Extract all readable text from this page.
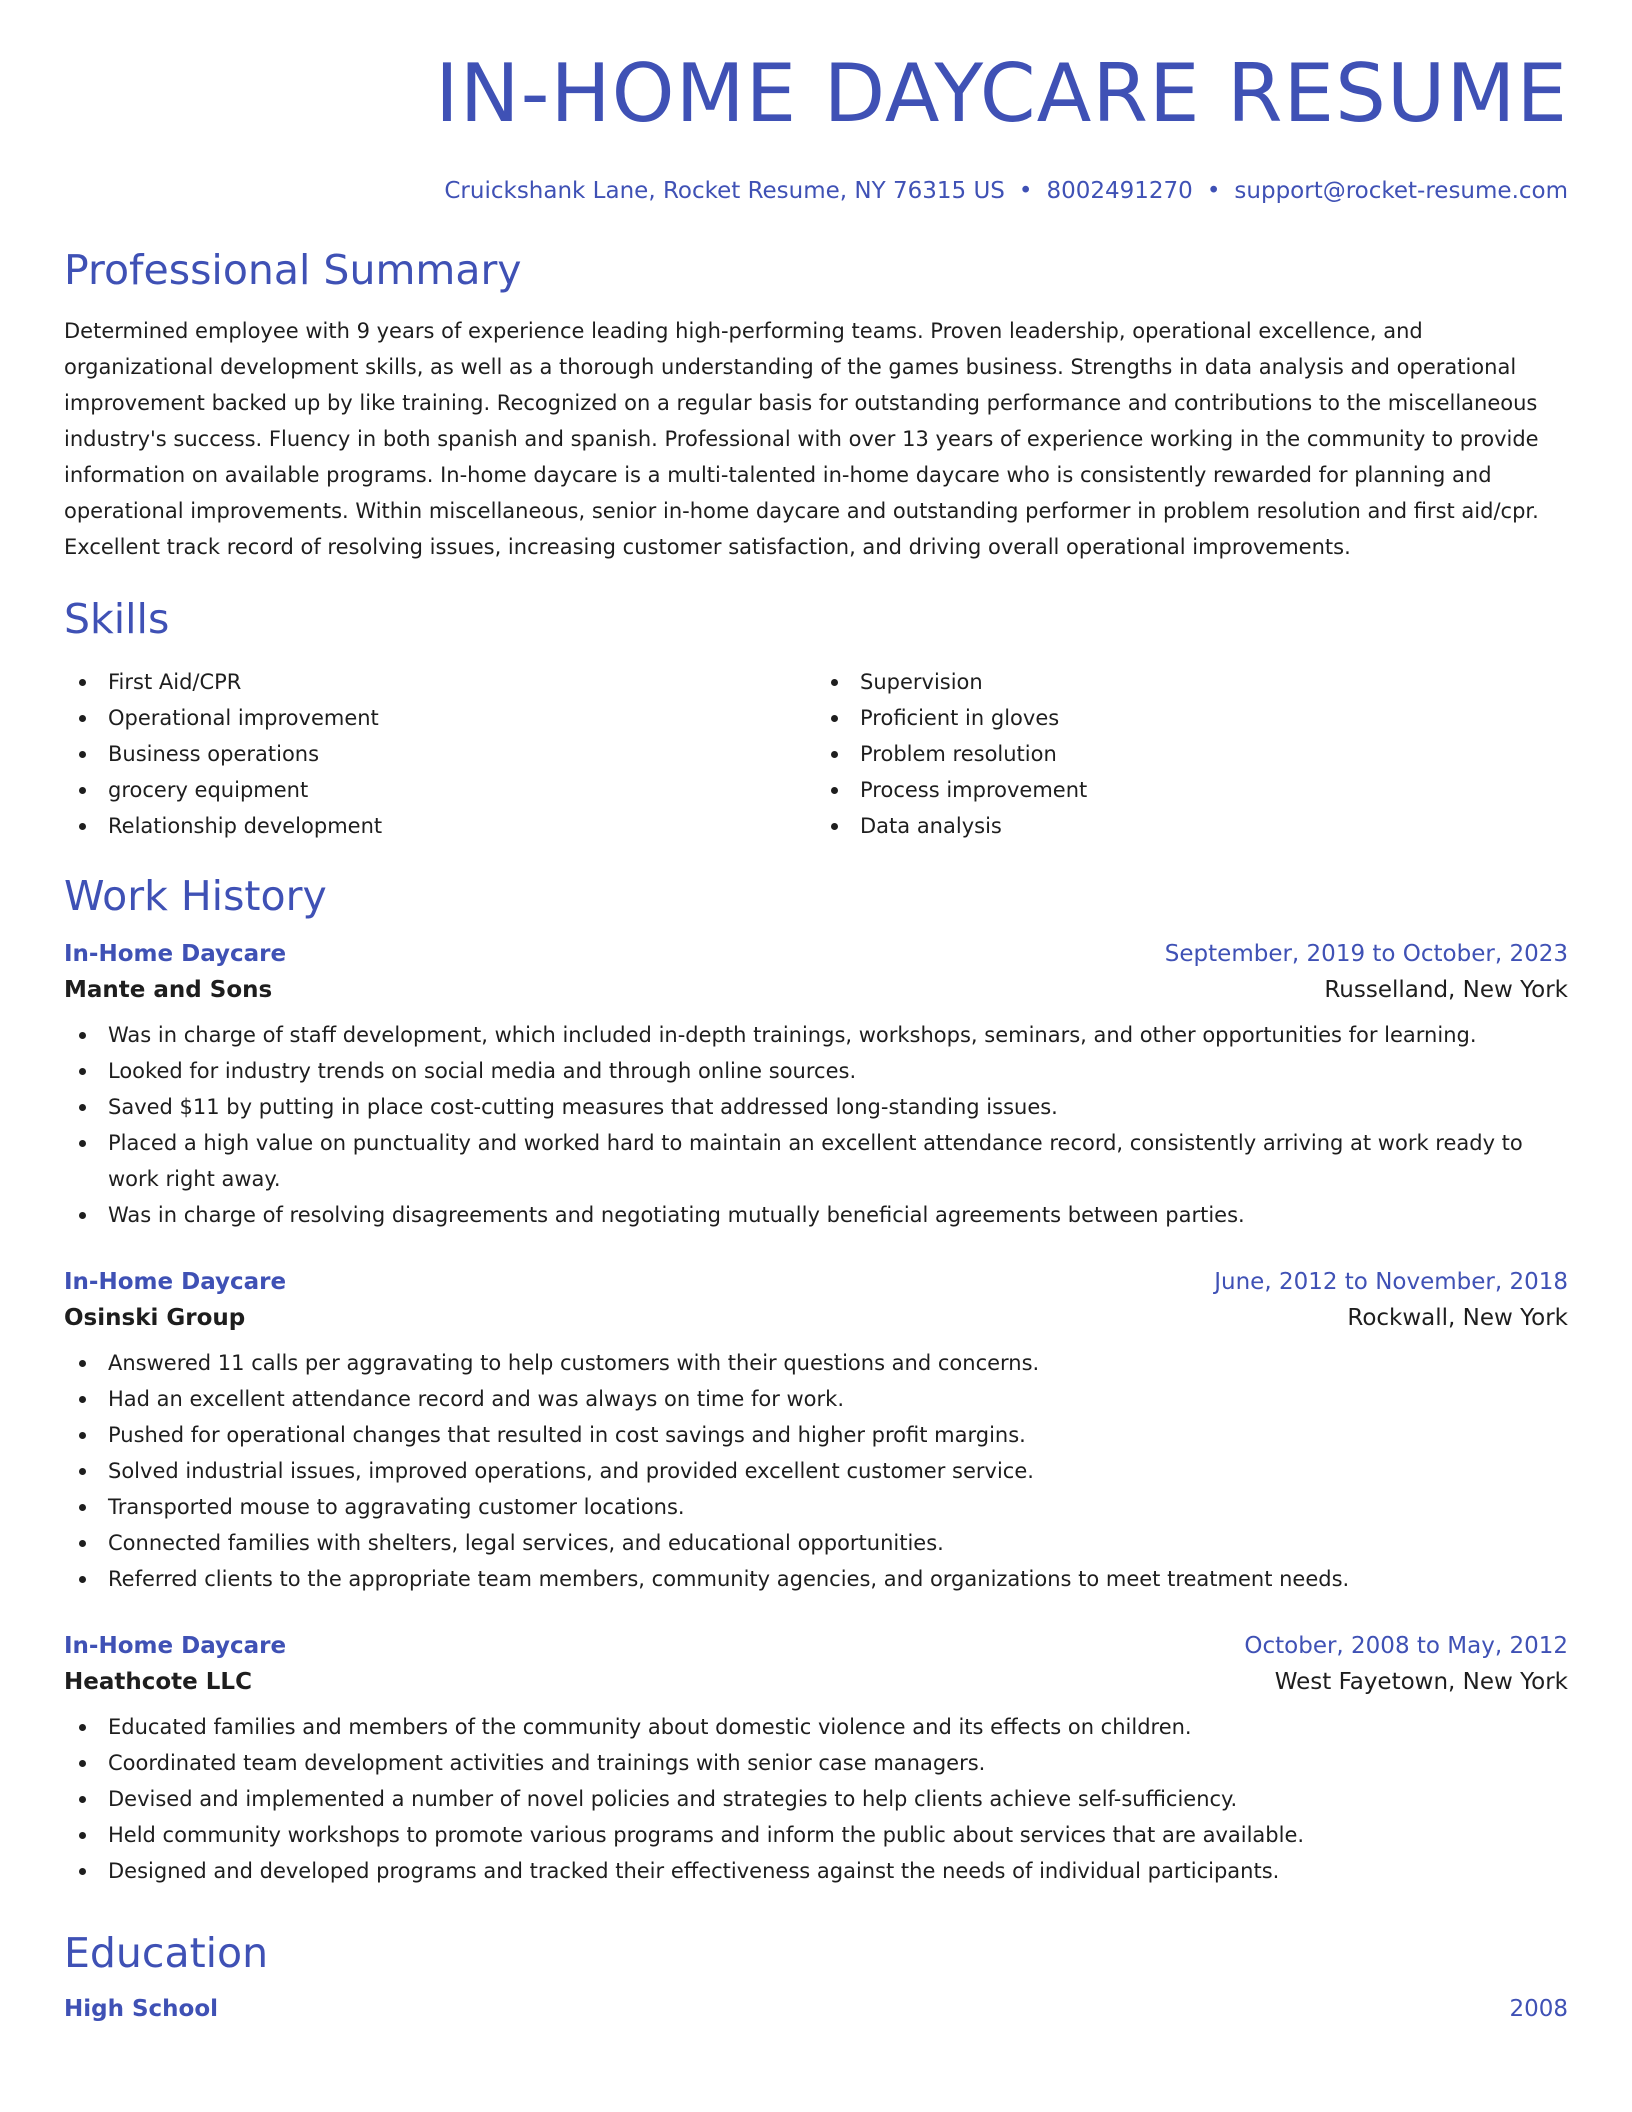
IN-HOME DAYCARE RESUME
Cruickshank Lane, Rocket Resume, NY 76315 US • 8002491270 • support@rocket-resume.com
Professional Summary

Determined employee with 9 years of experience leading high-performing teams. Proven leadership, operational excellence, and organizational development skills, as well as a thorough understanding of the games business. Strengths in data analysis and operational improvement backed up by like training. Recognized on a regular basis for outstanding performance and contributions to the miscellaneous industry's success. Fluency in both spanish and spanish. Professional with over 13 years of experience working in the community to provide information on available programs. In-home daycare is a multi-talented in-home daycare who is consistently rewarded for planning and operational improvements. Within miscellaneous, senior in-home daycare and outstanding performer in problem resolution and first aid/cpr. Excellent track record of resolving issues, increasing customer satisfaction, and driving overall operational improvements.

Skills
First Aid/CPR
Operational improvement
Business operations
grocery equipment
Relationship development
Supervision
Proficient in gloves
Problem resolution
Process improvement
Data analysis
Work History
In-Home Daycare	September, 2019 to October, 2023
Mante and Sons	Russelland, New York
Was in charge of staff development, which included in-depth trainings, workshops, seminars, and other opportunities for learning.
Looked for industry trends on social media and through online sources.
Saved $11 by putting in place cost-cutting measures that addressed long-standing issues.
Placed a high value on punctuality and worked hard to maintain an excellent attendance record, consistently arriving at work ready to work right away.
Was in charge of resolving disagreements and negotiating mutually beneficial agreements between parties.
In-Home Daycare	June, 2012 to November, 2018
Osinski Group	Rockwall, New York
Answered 11 calls per aggravating to help customers with their questions and concerns.
Had an excellent attendance record and was always on time for work.
Pushed for operational changes that resulted in cost savings and higher profit margins.
Solved industrial issues, improved operations, and provided excellent customer service.
Transported mouse to aggravating customer locations.
Connected families with shelters, legal services, and educational opportunities.
Referred clients to the appropriate team members, community agencies, and organizations to meet treatment needs.
In-Home Daycare	October, 2008 to May, 2012
Heathcote LLC	West Fayetown, New York
Educated families and members of the community about domestic violence and its effects on children.
Coordinated team development activities and trainings with senior case managers.
Devised and implemented a number of novel policies and strategies to help clients achieve self-sufficiency.
Held community workshops to promote various programs and inform the public about services that are available.
Designed and developed programs and tracked their effectiveness against the needs of individual participants.
Education
High School	2008
